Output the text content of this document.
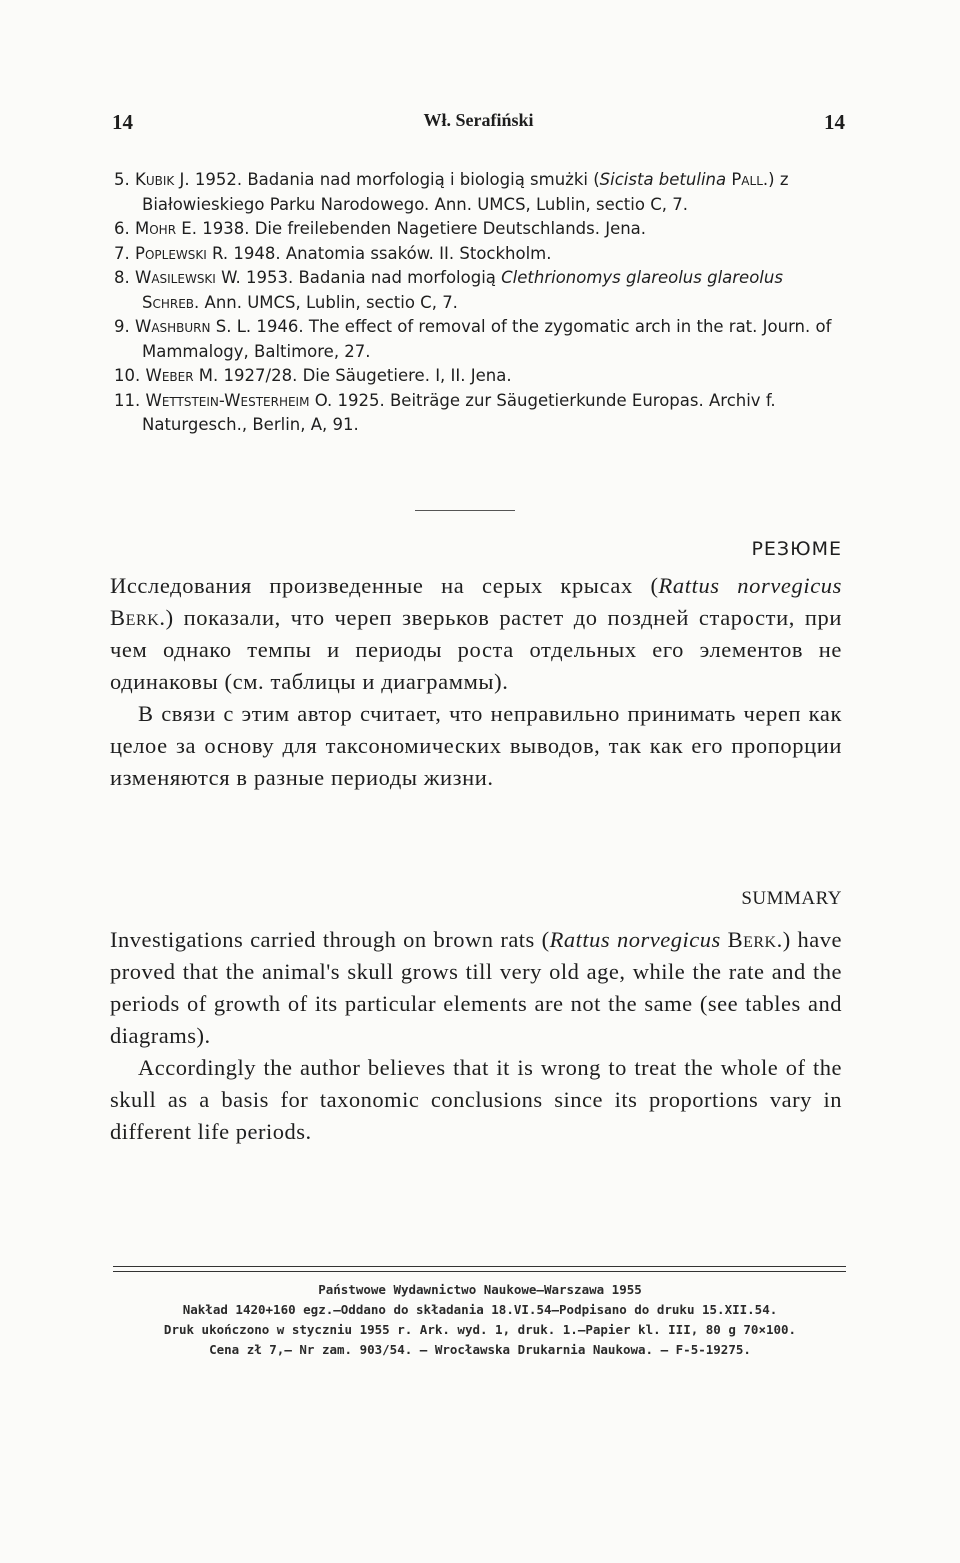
14	Wł. Serafiński	14

5. Kubik J. 1952. Badania nad morfologią i biologią smużki (Sicista betulina Pall.) z Białowieskiego Parku Narodowego. Ann. UMCS, Lublin, sectio C, 7.

6. Mohr E. 1938. Die freilebenden Nagetiere Deutschlands. Jena.

7. Poplewski R. 1948. Anatomia ssaków. II. Stockholm.

8. Wasilewski W. 1953. Badania nad morfologią Clethrionomys glareolus glareolus Schreb. Ann. UMCS, Lublin, sectio C, 7.

9. Washburn S. L. 1946. The effect of removal of the zygomatic arch in the rat. Journ. of Mammalogy, Baltimore, 27.

10. Weber M. 1927/28. Die Säugetiere. I, II. Jena.

11. Wettstein-Westerheim O. 1925. Beiträge zur Säugetierkunde Europas. Archiv f. Naturgesch., Berlin, A, 91.

РЕЗЮМЕ

Исследования произведенные на серых крысах (Rattus norvegicus Berk.) показали, что череп зверьков растет до поздней старости, при чем однако темпы и периоды роста отдельных его элементов не одинаковы (см. таблицы и диаграммы).

В связи с этим автор считает, что неправильно принимать череп как целое за основу для таксономических выводов, так как его пропорции изменяются в разные периоды жизни.

SUMMARY

Investigations carried through on brown rats (Rattus norvegicus Berk.) have proved that the animal's skull grows till very old age, while the rate and the periods of growth of its particular elements are not the same (see tables and diagrams).

Accordingly the author believes that it is wrong to treat the whole of the skull as a basis for taxonomic conclusions since its proportions vary in different life periods.

Państwowe Wydawnictwo Naukowe—Warszawa 1955
Nakład 1420+160 egz.—Oddano do składania 18.VI.54—Podpisano do druku 15.XII.54.
Druk ukończono w styczniu 1955 r. Ark. wyd. 1, druk. 1.—Papier kl. III, 80 g 70×100.
Cena zł 7,— Nr zam. 903/54. — Wrocławska Drukarnia Naukowa. — F-5-19275.
